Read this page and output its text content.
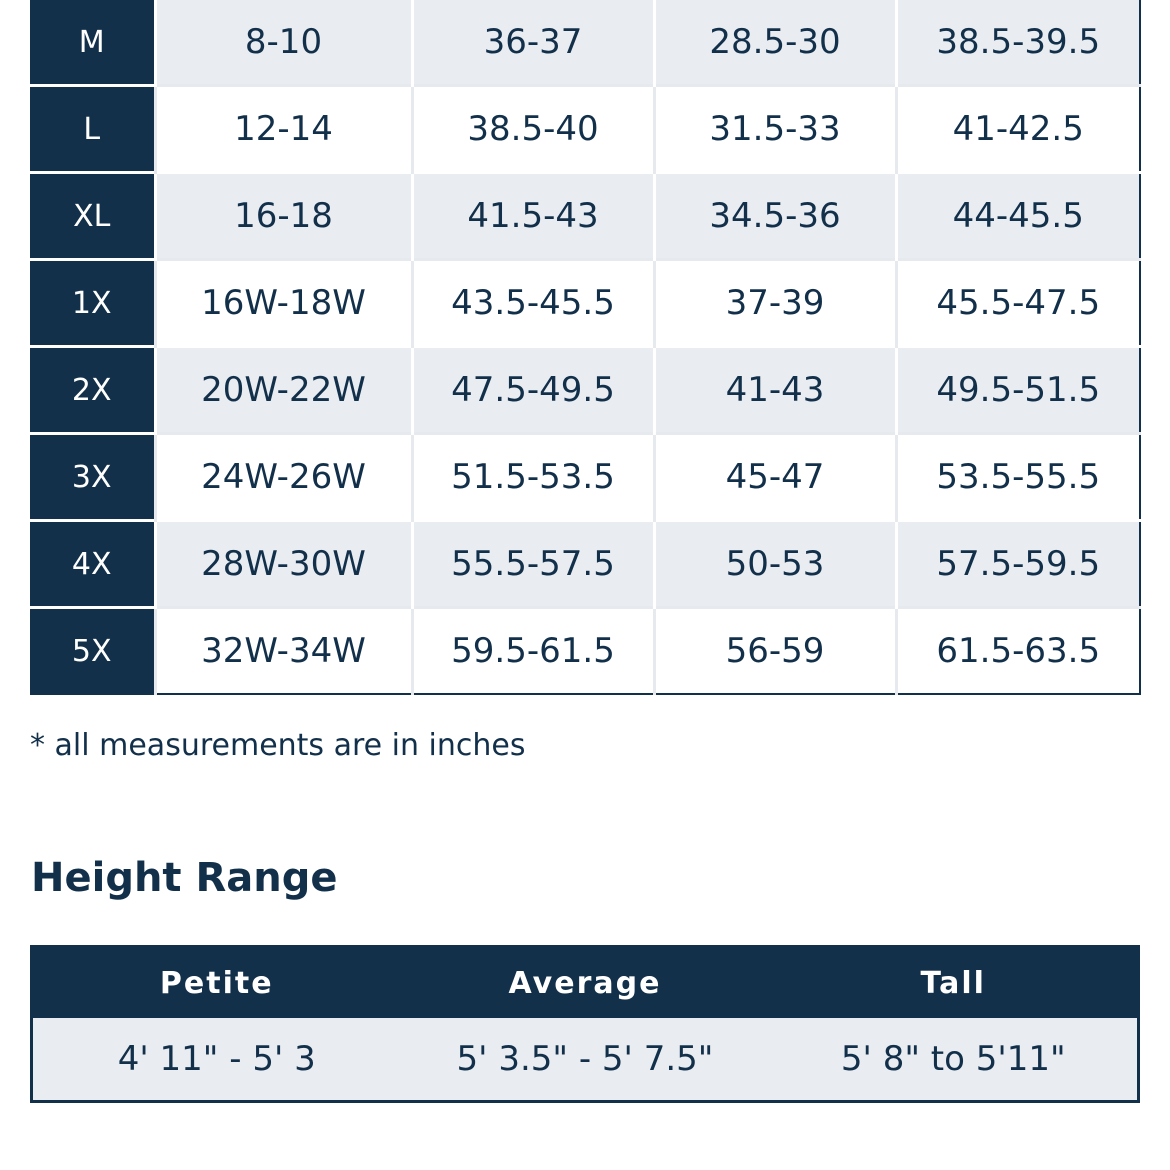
M	8-10	36-37	28.5-30	38.5-39.5
L	12-14	38.5-40	31.5-33	41-42.5
XL	16-18	41.5-43	34.5-36	44-45.5
1X	16W-18W	43.5-45.5	37-39	45.5-47.5
2X	20W-22W	47.5-49.5	41-43	49.5-51.5
3X	24W-26W	51.5-53.5	45-47	53.5-55.5
4X	28W-30W	55.5-57.5	50-53	57.5-59.5
5X	32W-34W	59.5-61.5	56-59	61.5-63.5
* all measurements are in inches
Height Range
Petite	Average	Tall
4' 11" - 5' 3	5' 3.5" - 5' 7.5"	5' 8" to 5'11"
